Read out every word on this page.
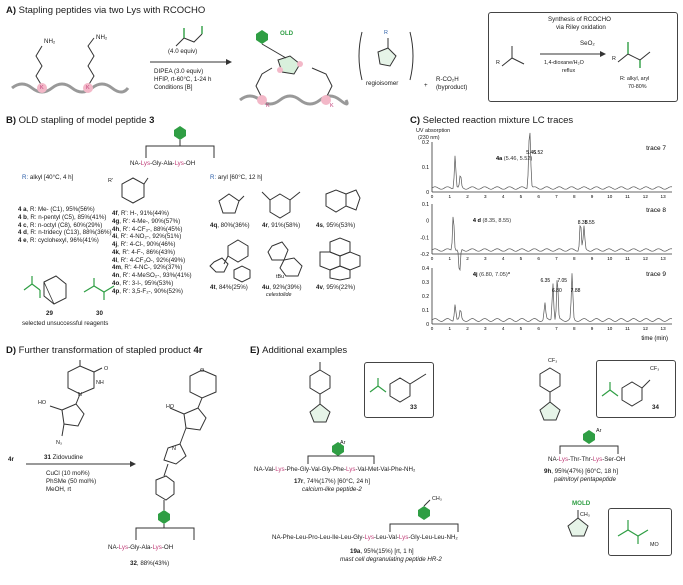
A) Stapling peptides via two Lys with RCOCHO
NH₂
NH₂
K	K
(4.0 equiv)
DIPEA (3.0 equiv)
HFIP, rt-60°C, 1-24 h
Conditions [B]
OLD
K	K
R
regioisomer	+
R-CO₂H
(byproduct)
Synthesis of RCOCHO
via Riley oxidation
R
SeO₂
1,4-dioxane/H₂O
reflux
R
R: alkyl, aryl
70-80%
B) OLD stapling of model peptide 3
NA-Lys-Gly-Ala-Lys-OH
R: alkyl [40°C, 4 h]
4 a, R: Me- (C1), 95%(56%)
4 b, R: n-pentyl (C5), 85%(41%)
4 c, R: n-octyl (C8), 60%(29%)
4 d, R: n-tridecy (C13), 88%(36%)
4 e, R: cyclohexyl, 96%(41%)
R'
4f, R': H-, 91%(44%)
4g, R': 4-Me-, 90%(57%)
4h, R': 4-CF₃-, 88%(45%)
4i, R': 4-NO₂-, 92%(51%)
4j, R': 4-Cl-, 90%(46%)
4k, R': 4-F-, 86%(43%)
4l, R': 4-CF₃O-, 92%(49%)
4m, R': 4-NC-, 92%(37%)
4n, R': 4-MeSO₂-, 93%(41%)
4o, R': 3-I-, 95%(53%)
4p, R': 3,5-F₂-, 90%(52%)
R: aryl [60°C, 12 h]
4q, 80%(36%) 4r, 91%(58%)	4s, 95%(53%)
tBu
4t, 84%(25%) 4u, 92%(39%)
celestolide
4v, 95%(22%)
29	30
selected unsuccessful reagents
C) Selected reaction mixture LC traces
UV absorption
(230 nm)
0.2
0.1
0
trace 7
4a (5.46, 5.52)
5.46
5.52
0	1	2	3	4	5	6	7	8	9	10	11	12	13
0.1
0
-0.1
-0.2
trace 8
4 d (8.35, 8.55)	8.35
8.55
0	1	2	3	4	5	6	7	8	9	10	11	12	13
0.4
0.3
0.2
0.1
0
trace 9
4j (6.80, 7.05)$^a$
6.35
6.80
7.05
7.88
0	1	2	3	4	5	6	7	8	9	10	11	12	13
time (min)
D) Further transformation of stapled product 4r
HO
N₃
O
NH
N
31 Zidovudine
4r
CuCl (10 mol%)
PhSMe (50 mol%)
MeOH, rt
HO
O
N
NA-Lys-Gly-Ala-Lys-OH
32, 88%(43%)
E) Additional examples
33
Ar
NA-Val-Lys-Phe-Gly-Val-Gly-Phe-Lys-Val-Met-Val-Phe-NH₂
17r, 74%(17%) [60°C, 24 h]
calcium-like peptide-2
CF₃
CF₃
34
Ar
NA-Lys-Thr-Thr-Lys-Ser-OH
9h, 95%(47%) [60°C, 18 h]
palmitoyl pentapeptide
CH₃
NA-Phe-Leu-Pro-Leu-Ile-Leu-Gly-Lys-Leu-Val-Lys-Gly-Leu-Leu-NH₂
19a, 95%(15%) [rt, 1 h]
mast cell degranulating peptide HR-2
MOLD
CH₃
MO
